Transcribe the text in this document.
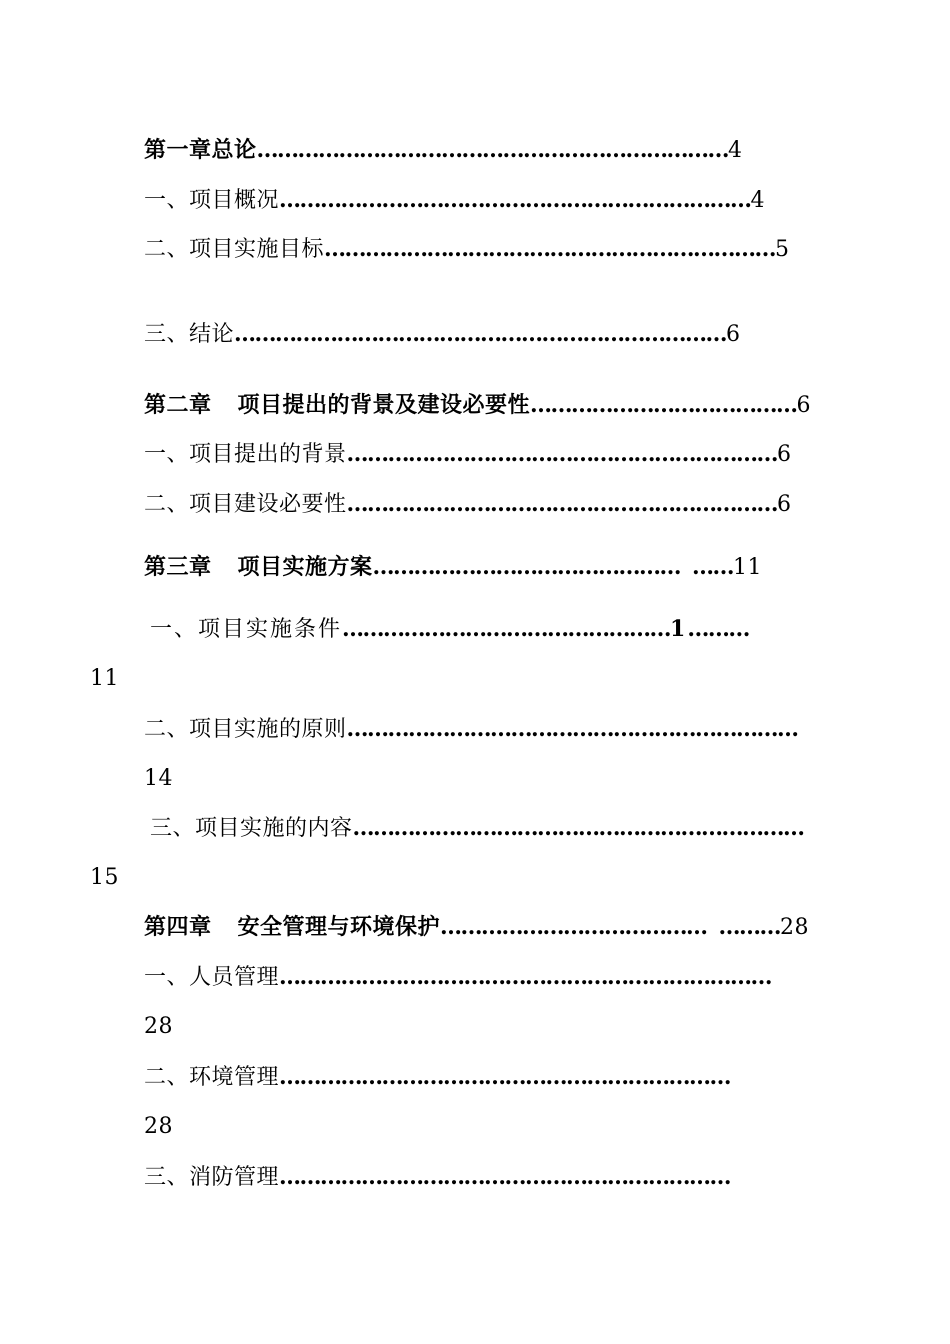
第一章总论……………………………………………………………4
一、项目概况……………………………………………………………4
二、项目实施目标…………………………………………………………5
三、结论………………………………………………………………6
第二章 项目提出的背景及建设必要性…………………………………6
一、项目提出的背景………………………………………………………6
二、项目建设必要性………………………………………………………6
第三章 项目实施方案……………………………………… ……11
一、项目实施条件…………………………………………1………
11
二、项目实施的原则…………………………………………………………
14
三、项目实施的内容…………………………………………………………
15
第四章 安全管理与环境保护………………………………… ………28
一、人员管理………………………………………………………………
28
二、环境管理…………………………………………………………
28
三、消防管理…………………………………………………………
